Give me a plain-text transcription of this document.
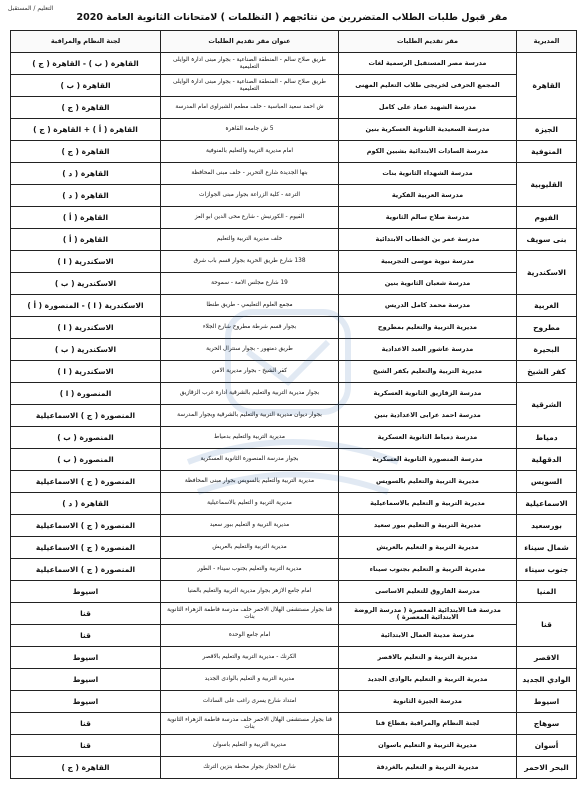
التعليم / المستقبل
مقر قبول طلبات الطلاب المتضررين من نتائجهم ( التظلمات ) لامتحانات الثانوية العامة 2020
المديرية	مقر تقديم الطلبات	عنوان مقر تقديم الطلبات	لجنة النظام والمراقبة
القاهرة	مدرسة مصر المستقبل الرسمية لغات	طريق صلاح سالم - المنطقة الصناعية - بجوار مبنى ادارة الوايلى التعليمية	القاهرة ( ب ) - القاهرة ( ج )
	المجمع الحرفى لخريجى طلاب التعليم المهنى	طريق صلاح سالم - المنطقة الصناعية - بجوار مبنى ادارة الوايلى التعليمية	القاهرة ( ب )
	مدرسة الشهيد عماد على كامل	ش احمد سعيد العباسية - خلف مطعم الشبراوى امام المدرسة	القاهرة ( ج )
الجيزة	مدرسة السعيدية الثانوية العسكرية بنين	5 ش جامعة القاهرة	القاهرة ( أ ) + القاهرة ( ج )
المنوفية	مدرسة السادات الابتدائية بشبين الكوم	امام مديرية التربية والتعليم بالمنوفية	القاهرة ( ج )
القليوبية	مدرسة الشهداء الثانوية بنات	بنها الجديدة شارع التحرير - خلف مبنى المحافظة	القاهرة ( د )
	مدرسة العربية الفكرية	الترعة - كلية الزراعة بجوار مبنى الجوازات	القاهرة ( د )
الفيوم	مدرسة صلاح سالم الثانوية	الفيوم - الكورنيش - شارع محى الدين ابو العز	القاهرة ( أ )
بنى سويف	مدرسة عمر بن الخطاب الابتدائية	خلف مديرية التربية والتعليم	القاهرة ( أ )
الاسكندرية	مدرسة نبوية موسى التجريبية	138 شارع طريق الحرية بجوار قسم باب شرق	الاسكندرية ( ا )
	مدرسة شعبان الثانوية بنين	19 شارع مجلس الامة - سموحة	الاسكندرية ( ب )
الغربية	مدرسة محمد كامل الدريس	مجمع العلوم التعليمي - طريق طنطا	الاسكندرية ( ا ) - المنصورة ( أ )
مطروح	مديرية التربية والتعليم بمطروح	بجوار قسم شرطة مطروح شارع الجلاء	الاسكندرية ( ا )
البحيرة	مدرسة عاشور العبد الاعدادية	طريق دمنهور - بجوار سنترال الحرية	الاسكندرية ( ب )
كفر الشيخ	مديرية التربية والتعليم بكفر الشيخ	كفر الشيخ - بجوار مديرية الامن	الاسكندرية ( ا )
الشرقية	مدرسة الزقازيق الثانوية العسكرية	بجوار مديرية التربية والتعليم بالشرقية ادارة غرب الزقازيق	المنصورة ( ا )
	مدرسة احمد عرابى الاعدادية بنين	بجوار ديوان مديرية التربية والتعليم بالشرقية وبجوار المدرسة	المنصورة ( ج ) الاسماعيلية
دمياط	مدرسة دمياط الثانوية العسكرية	مديرية التربية والتعليم بدمياط	المنصورة ( ب )
الدقهلية	مدرسة المنصورة الثانوية العسكرية	بجوار مدرسة المنصورة الثانوية العسكرية	المنصورة ( ب )
السويس	مديرية التربية والتعليم بالسويس	مديرية التربية والتعليم بالسويس بجوار مبنى المحافظة	المنصورة ( ج ) الاسماعيلية
الاسماعيلية	مديرية التربية و التعليم بالاسماعيلية	مديرية التربية و التعليم بالاسماعيلية	القاهرة ( د )
بورسعيد	مديرية التربية و التعليم ببور سعيد	مديرية التربية و التعليم ببور سعيد	المنصورة ( ج ) الاسماعيلية
شمال سيناء	مديرية التربية و التعليم بالعريش	مديرية التربية والتعليم بالعريش	المنصورة ( ج ) الاسماعيلية
جنوب سيناء	مديرية التربية و التعليم بجنوب سيناء	مديرية التربية والتعليم بجنوب سيناء - الطور	المنصورة ( ج ) الاسماعيلية
المنيا	مدرسة الفاروق للتعليم الاساسى	امام جامع الازهر بجوار مديرية التربية والتعليم بالمنيا	اسيوط
قنا	مدرسة قنا الابتدائية المعصرة ( مدرسة الروضة الابتدائية المعصرة )	قنا بجوار مستشفى الهلال الاحمر خلف مدرسة فاطمة الزهراء الثانوية بنات	قنا
	مدرسة مدينة العمال الابتدائية	امام جامع الوحدة	قنا
الاقصر	مديرية التربية و التعليم بالاقصر	الكرنك - مديرية التربية والتعليم بالاقصر	اسيوط
الوادي الجديد	مديرية التربية و التعليم بالوادى الجديد	مديرية التربية و التعليم بالوادى الجديد	اسيوط
اسيوط	مدرسة الجيزة الثانوية	امتداد شارع يسرى راغب على السادات	اسيوط
سوهاج	لجنة النظام والمراقبة بقطاع قنا	قنا بجوار مستشفى الهلال الاحمر خلف مدرسة فاطمة الزهراء الثانوية بنات	قنا
أسوان	مديرية التربية و التعليم باسوان	مديرية التربية و التعليم باسوان	قنا
البحر الاحمر	مديرية التربية و التعليم بالغردقة	شارع الحجاز بجوار محطة بنزين الترتك	القاهرة ( ج )
